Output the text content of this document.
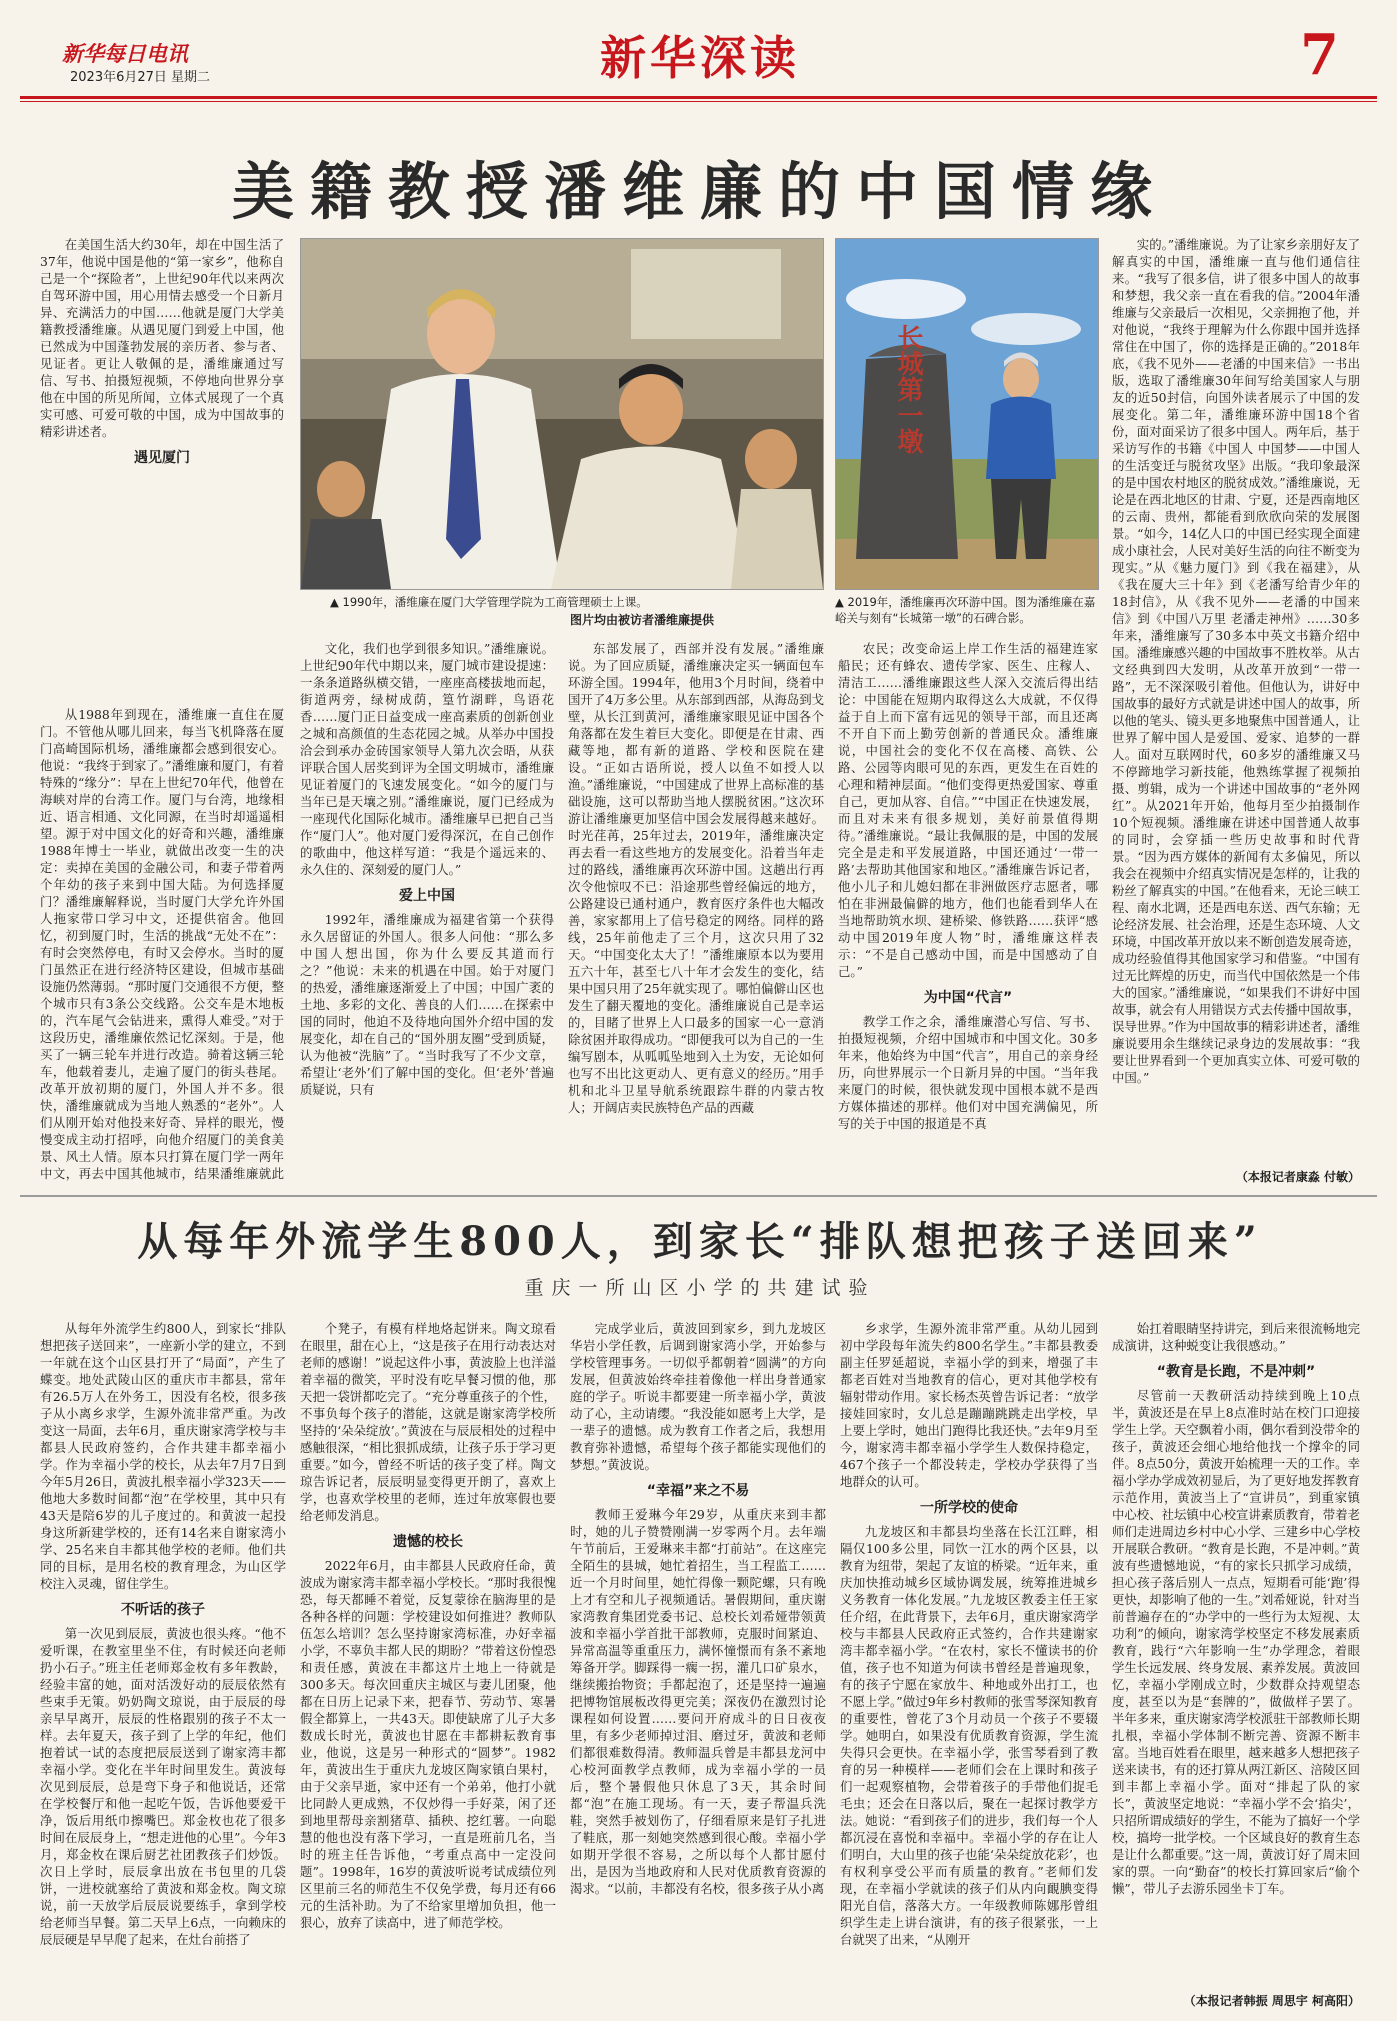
新华每日电讯
2023年6月27日 星期二	新华深读	7
美籍教授潘维廉的中国情缘

在美国生活大约30年，却在中国生活了37年，他说中国是他的“第一家乡”，他称自己是一个“探险者”，上世纪90年代以来两次自驾环游中国，用心用情去感受一个日新月异、充满活力的中国……他就是厦门大学美籍教授潘维廉。从遇见厦门到爱上中国，他已然成为中国蓬勃发展的亲历者、参与者、见证者。更让人敬佩的是，潘维廉通过写信、写书、拍摄短视频，不停地向世界分享他在中国的所见所闻，立体式展现了一个真实可感、可爱可敬的中国，成为中国故事的精彩讲述者。

遇见厦门

从1988年到现在，潘维廉一直住在厦门。不管他从哪儿回来，每当飞机降落在厦门高崎国际机场，潘维廉都会感到很安心。他说：“我终于到家了。”潘维廉和厦门，有着特殊的“缘分”：早在上世纪70年代，他曾在海峡对岸的台湾工作。厦门与台湾，地缘相近、语言相通、文化同源，在当时却遥遥相望。源于对中国文化的好奇和兴趣，潘维廉1988年博士一毕业，就做出改变一生的决定：卖掉在美国的金融公司，和妻子带着两个年幼的孩子来到中国大陆。为何选择厦门？潘维廉解释说，当时厦门大学允许外国人拖家带口学习中文，还提供宿舍。他回忆，初到厦门时，生活的挑战“无处不在”：有时会突然停电，有时又会停水。当时的厦门虽然正在进行经济特区建设，但城市基础设施仍然薄弱。“那时厦门交通很不方便，整个城市只有3条公交线路。公交车是木地板的，汽车尾气会钻进来，熏得人难受。”对于这段历史，潘维廉依然记忆深刻。于是，他买了一辆三轮车并进行改造。骑着这辆三轮车，他载着妻儿，走遍了厦门的街头巷尾。改革开放初期的厦门，外国人并不多。很快，潘维廉就成为当地人熟悉的“老外”。人们从刚开始对他投来好奇、异样的眼光，慢慢变成主动打招呼，向他介绍厦门的美食美景、风土人情。原本只打算在厦门学一两年中文，再去中国其他城市，结果潘维廉就此

▲ 1990年，潘维廉在厦门大学管理学院为工商管理硕士上课。
图片均由被访者潘维廉提供
长城第一墩
▲ 2019年，潘维廉再次环游中国。图为潘维廉在嘉峪关与刻有“长城第一墩”的石碑合影。

文化，我们也学到很多知识。”潘维廉说。上世纪90年代中期以来，厦门城市建设提速：一条条道路纵横交错，一座座高楼拔地而起，街道两旁，绿树成荫，篁竹湖畔，鸟语花香……厦门正日益变成一座高素质的创新创业之城和高颜值的生态花园之城。从举办中国投洽会到承办金砖国家领导人第九次会晤，从获评联合国人居奖到评为全国文明城市，潘维廉见证着厦门的飞速发展变化。“如今的厦门与当年已是天壤之别。”潘维廉说，厦门已经成为一座现代化国际化城市。潘维廉早已把自己当作“厦门人”。他对厦门爱得深沉，在自己创作的歌曲中，他这样写道：“我是个遥远来的、永久住的、深刻爱的厦门人。”

爱上中国

1992年，潘维廉成为福建省第一个获得永久居留证的外国人。很多人问他：“那么多中国人想出国，你为什么要反其道而行之？”他说：未来的机遇在中国。始于对厦门的热爱，潘维廉逐渐爱上了中国；中国广袤的土地、多彩的文化、善良的人们……在探索中国的同时，他迫不及待地向国外介绍中国的发展变化，却在自己的“国外朋友圈”受到质疑，认为他被“洗脑”了。“当时我写了不少文章，希望让‘老外’们了解中国的变化。但‘老外’普遍质疑说，只有

东部发展了，西部并没有发展。”潘维廉说。为了回应质疑，潘维廉决定买一辆面包车环游全国。1994年，他用3个月时间，绕着中国开了4万多公里。从东部到西部，从海岛到戈壁，从长江到黄河，潘维廉家眼见证中国各个角落都在发生着巨大变化。即便是在甘肃、西藏等地，都有新的道路、学校和医院在建设。“正如古语所说，授人以鱼不如授人以渔。”潘维廉说，“中国建成了世界上高标准的基础设施，这可以帮助当地人摆脱贫困。”这次环游让潘维廉更加坚信中国会发展得越来越好。时光荏苒，25年过去，2019年，潘维廉决定再去看一看这些地方的发展变化。沿着当年走过的路线，潘维廉再次环游中国。这趟出行再次令他惊叹不已：沿途那些曾经偏远的地方，公路建设已通村通户，教育医疗条件也大幅改善，家家都用上了信号稳定的网络。同样的路线，25年前他走了三个月，这次只用了32天。“中国变化太大了！”潘维廉原本以为要用五六十年，甚至七八十年才会发生的变化，结果中国只用了25年就实现了。哪怕偏僻山区也发生了翻天覆地的变化。潘维廉说自己是幸运的，目睹了世界上人口最多的国家一心一意消除贫困并取得成功。“即便我可以为自己的一生编写剧本，从呱呱坠地到入土为安，无论如何也写不出比这更动人、更有意义的经历。”用手机和北斗卫星导航系统跟踪牛群的内蒙古牧人；开阔店卖民族特色产品的西藏

农民；改变命运上岸工作生活的福建连家船民；还有蜂农、遗传学家、医生、庄稼人、清洁工……潘维廉跟这些人深入交流后得出结论：中国能在短期内取得这么大成就，不仅得益于自上而下富有远见的领导干部，而且还离不开自下而上勤劳创新的普通民众。潘维廉说，中国社会的变化不仅在高楼、高铁、公路、公园等肉眼可见的东西，更发生在百姓的心理和精神层面。“他们变得更热爱国家、尊重自己，更加从容、自信。”“中国正在快速发展，而且对未来有很多规划，美好前景值得期待。”潘维廉说。“最让我佩服的是，中国的发展完全是走和平发展道路，中国还通过‘一带一路’去帮助其他国家和地区。”潘维廉告诉记者，他小儿子和儿媳妇都在非洲做医疗志愿者，哪怕在非洲最偏僻的地方，他们也能看到华人在当地帮助筑水坝、建桥梁、修铁路……获评“感动中国2019年度人物”时，潘维廉这样表示：“不是自己感动中国，而是中国感动了自己。”

为中国“代言”

教学工作之余，潘维廉潜心写信、写书、拍摄短视频，介绍中国城市和中国文化。30多年来，他始终为中国“代言”，用自己的亲身经历，向世界展示一个日新月异的中国。“当年我来厦门的时候，很快就发现中国根本就不是西方媒体描述的那样。他们对中国充满偏见，所写的关于中国的报道是不真

实的。”潘维廉说。为了让家乡亲朋好友了解真实的中国，潘维廉一直与他们通信往来。“我写了很多信，讲了很多中国人的故事和梦想，我父亲一直在看我的信。”2004年潘维廉与父亲最后一次相见，父亲拥抱了他，并对他说，“我终于理解为什么你跟中国并选择常住在中国了，你的选择是正确的。”2018年底，《我不见外——老潘的中国来信》一书出版，选取了潘维廉30年间写给美国家人与朋友的近50封信，向国外读者展示了中国的发展变化。第二年，潘维廉环游中国18个省份，面对面采访了很多中国人。两年后，基于采访写作的书籍《中国人 中国梦——中国人的生活变迁与脱贫攻坚》出版。“我印象最深的是中国农村地区的脱贫成效。”潘维廉说，无论是在西北地区的甘肃、宁夏，还是西南地区的云南、贵州，都能看到欣欣向荣的发展图景。“如今，14亿人口的中国已经实现全面建成小康社会，人民对美好生活的向往不断变为现实。”从《魅力厦门》到《我在福建》，从《我在厦大三十年》到《老潘写给青少年的18封信》，从《我不见外——老潘的中国来信》到《中国八万里 老潘走神州》……30多年来，潘维廉写了30多本中英文书籍介绍中国。潘维廉感兴趣的中国故事不胜枚举。从古文经典到四大发明，从改革开放到“一带一路”，无不深深吸引着他。但他认为，讲好中国故事的最好方式就是讲述中国人的故事，所以他的笔头、镜头更多地聚焦中国普通人，让世界了解中国人是爱国、爱家、追梦的一群人。面对互联网时代，60多岁的潘维廉又马不停蹄地学习新技能，他熟练掌握了视频拍摄、剪辑，成为一个讲述中国故事的“老外网红”。从2021年开始，他每月至少拍摄制作10个短视频。潘维廉在讲述中国普通人故事的同时，会穿插一些历史故事和时代背景。“因为西方媒体的新闻有太多偏见，所以我会在视频中介绍真实情况是怎样的，让我的粉丝了解真实的中国。”在他看来，无论三峡工程、南水北调，还是西电东送、西气东输；无论经济发展、社会治理，还是生态环境、人文环境，中国改革开放以来不断创造发展奇迹，成功经验值得其他国家学习和借鉴。“中国有过无比辉煌的历史，而当代中国依然是一个伟大的国家。”潘维廉说，“如果我们不讲好中国故事，就会有人用错误方式去传播中国故事，误导世界。”作为中国故事的精彩讲述者，潘维廉说要用余生继续记录身边的发展故事：“我要让世界看到一个更加真实立体、可爱可敬的中国。”

（本报记者康淼 付敏）
从每年外流学生800人，到家长“排队想把孩子送回来”
重庆一所山区小学的共建试验

从每年外流学生约800人，到家长“排队想把孩子送回来”，一座新小学的建立，不到一年就在这个山区县打开了“局面”，产生了蝶变。地处武陵山区的重庆市丰都县，常年有26.5万人在外务工，因没有名校，很多孩子从小离乡求学，生源外流非常严重。为改变这一局面，去年6月，重庆谢家湾学校与丰都县人民政府签约，合作共建丰都幸福小学。作为幸福小学的校长，从去年7月7日到今年5月26日，黄波扎根幸福小学323天——他地大多数时间都“泡”在学校里，其中只有43天是陪6岁的儿子度过的。和黄波一起投身这所新建学校的，还有14名来自谢家湾小学、25名来自丰都其他学校的老师。他们共同的目标，是用名校的教育理念，为山区学校注入灵魂，留住学生。

不听话的孩子

第一次见到辰辰，黄波也很头疼。“他不爱听课，在教室里坐不住，有时候还向老师扔小石子。”班主任老师郑金枚有多年教龄，经验丰富的她，面对活泼好动的辰辰依然有些束手无策。奶奶陶文琼说，由于辰辰的母亲早早离开，辰辰的性格跟别的孩子不太一样。去年夏天，孩子到了上学的年纪，他们抱着试一试的态度把辰辰送到了谢家湾丰都幸福小学。变化在半年时间里发生。黄波每次见到辰辰，总是弯下身子和他说话，还常在学校餐厅和他一起吃午饭，告诉他要爱干净，饭后用纸巾擦嘴巴。郑金枚也花了很多时间在辰辰身上，“想走进他的心里”。今年3月，郑金枚在课后厨艺社团教孩子们炒饭。次日上学时，辰辰拿出放在书包里的几袋饼，一进校就塞给了黄波和郑金枚。陶文琼说，前一天放学后辰辰说要练手，拿到学校给老师当早餐。第二天早上6点，一向赖床的辰辰硬是早早爬了起来，在灶台前搭了

个凳子，有模有样地烙起饼来。陶文琼看在眼里，甜在心上，“这是孩子在用行动表达对老师的感谢！”说起这件小事，黄波脸上也洋溢着幸福的微笑，平时没有吃早餐习惯的他，那天把一袋饼都吃完了。“充分尊重孩子的个性，不事负每个孩子的潜能，这就是谢家湾学校所坚持的‘朵朵绽放’。”黄波在与辰辰相处的过程中感触很深，“相比狠抓成绩，让孩子乐于学习更重要。”如今，曾经不听话的孩子变了样。陶文琼告诉记者，辰辰明显变得更开朗了，喜欢上学，也喜欢学校里的老师，连过年放寒假也要给老师发消息。

遗憾的校长

2022年6月，由丰都县人民政府任命，黄波成为谢家湾丰都幸福小学校长。“那时我很愧恐，每天都睡不着觉，反复蒙徐在脑海里的是各种各样的问题：学校建设如何推进？教师队伍怎么培训？怎么坚持谢家湾标准，办好幸福小学，不辜负丰都人民的期盼？”带着这份惶恐和责任感，黄波在丰都这片土地上一待就是300多天。每次回重庆主城区与妻儿团聚，他都在日历上记录下来，把春节、劳动节、寒暑假全都算上，一共43天。即使缺席了儿子大多数成长时光，黄波也甘愿在丰都耕耘教育事业，他说，这是另一种形式的“圆梦”。1982年，黄波出生于重庆九龙坡区陶家镇白果村，由于父亲早逝，家中还有一个弟弟，他打小就比同龄人更成熟，不仅炒得一手好菜，闲了还到地里帮母亲割猪草、插秧、挖红薯。一向聪慧的他也没有落下学习，一直是班前几名，当时的班主任告诉他，“考重点高中一定没问题”。1998年，16岁的黄波听说考试成绩位列区里前三名的师范生不仅免学费，每月还有66元的生活补助。为了不给家里增加负担，他一狠心，放弃了读高中，进了师范学校。

完成学业后，黄波回到家乡，到九龙坡区华岩小学任教，后调到谢家湾小学，开始参与学校管理事务。一切似乎都朝着“圆满”的方向发展，但黄波始终牵挂着像他一样出身普通家庭的学子。听说丰都要建一所幸福小学，黄波动了心，主动请缨。“我没能如愿考上大学，是一辈子的遗憾。成为教育工作者之后，我想用教育弥补遗憾，希望每个孩子都能实现他们的梦想。”黄波说。

“幸福”来之不易

教师王爱琳今年29岁，从重庆来到丰都时，她的儿子赞赞刚满一岁零两个月。去年端午节前后，王爱琳来丰都“打前站”。在这座完全陌生的县城，她忙着招生，当工程监工……近一个月时间里，她忙得像一颗陀螺，只有晚上才有空和儿子视频通话。暑假期间，重庆谢家湾教育集团党委书记、总校长刘希娅带领黄波和幸福小学首批干部教师，克服时间紧迫、异常高温等重重压力，满怀憧憬而有条不紊地筹备开学。脚踩得一瘸一拐，灌几口矿泉水，继续搬抬物资；手都起泡了，还是坚持一遍遍把博物馆展板改得更完美；深夜仍在激烈讨论课程如何设置……要问开府成斗的日日夜夜里，有多少老师掉过泪、磨过牙，黄波和老师们都很难数得清。教师温兵曾是丰都县龙河中心校河面教学点教师，成为幸福小学的一员后，整个暑假他只休息了3天，其余时间都“泡”在施工现场。有一天，妻子帮温兵洗鞋，突然手被划伤了，仔细看原来是钉子扎进了鞋底，那一刻她突然感到很心酸。幸福小学如期开学很不容易，之所以每个人都甘愿付出，是因为当地政府和人民对优质教育资源的渴求。“以前，丰都没有名校，很多孩子从小离

乡求学，生源外流非常严重。从幼儿园到初中学段每年流失约800名学生。”丰都县教委副主任罗延超说，幸福小学的到来，增强了丰都老百姓对当地教育的信心，更对其他学校有辐射带动作用。家长杨杰英曾告诉记者：“放学接娃回家时，女儿总是蹦蹦跳跳走出学校，早上要上学时，她出门跑得比我还快。”去年9月至今，谢家湾丰都幸福小学学生人数保持稳定，467个孩子一个都没转走，学校办学获得了当地群众的认可。

一所学校的使命

九龙坡区和丰都县均坐落在长江江畔，相隔仅100多公里，同饮一江水的两个区县，以教育为纽带，架起了友谊的桥梁。“近年来，重庆加快推动城乡区域协调发展，统筹推进城乡义务教育一体化发展。”九龙坡区教委主任王家任介绍，在此背景下，去年6月，重庆谢家湾学校与丰都县人民政府正式签约，合作共建谢家湾丰都幸福小学。“在农村，家长不懂读书的价值，孩子也不知道为何读书曾经是普遍现象，有的孩子宁愿在家放牛、种地或外出打工，也不愿上学。”做过9年乡村教师的张雪琴深知教育的重要性，曾花了3个月动员一个孩子不要辍学。她明白，如果没有优质教育资源，学生流失得只会更快。在幸福小学，张雪琴看到了教育的另一种模样——老师们会在上课时和孩子们一起观察植物，会带着孩子的手带他们捉毛毛虫；还会在日落以后，聚在一起探讨教学方法。她说：“看到孩子们的进步，我们每一个人都沉浸在喜悦和幸福中。幸福小学的存在让人们明白，大山里的孩子也能‘朵朵绽放花彩’，也有权利享受公平而有质量的教育。”老师们发现，在幸福小学就读的孩子们从内向靦腆变得阳光自信，落落大方。一年级教师陈娜彤曾组织学生走上讲台演讲，有的孩子很紧张，一上台就哭了出来，“从刚开

始扛着眼睛坚持讲完，到后来很流畅地完成演讲，这种蜕变让我很感动。”

“教育是长跑，不是冲刺”

尽管前一天教研活动持续到晚上10点半，黄波还是在早上8点准时站在校门口迎接学生上学。天空飘着小雨，偶尔看到没带伞的孩子，黄波还会细心地给他找一个撑伞的同伴。8点50分，黄波开始梳理一天的工作。幸福小学办学成效初显后，为了更好地发挥教育示范作用，黄波当上了“宣讲员”，到重家镇中心校、社坛镇中心校宣讲素质教育，带着老师们走进周边乡村中心小学、三建乡中心学校开展联合教研。“教育是长跑，不是冲刺。”黄波有些遗憾地说，“有的家长只抓学习成绩，担心孩子落后别人一点点，短期看可能‘跑’得更快，却影响了他的一生。”刘希娅说，针对当前普遍存在的“办学中的一些行为太短视、太功利”的倾向，谢家湾学校坚定不移发展素质教育，践行“六年影响一生”办学理念，着眼学生长远发展、终身发展、素养发展。黄波回忆，幸福小学刚成立时，少数群众持观望态度，甚至以为是“套牌的”，做做样子罢了。半年多来，重庆谢家湾学校派驻干部教师长期扎根，幸福小学体制不断完善、资源不断丰富。当地百姓看在眼里，越来越多人想把孩子送来读书，有的还打算从两江新区、涪陵区回到丰都上幸福小学。面对“排起了队的家长”，黄波坚定地说：“幸福小学不会‘掐尖’，只招所谓成绩好的学生，不能为了搞好一个学校，搞垮一批学校。一个区域良好的教育生态是让什么都重要。”这一周，黄波订好了周末回家的票。一向“勤奋”的校长打算回家后“偷个懒”，带儿子去游乐园坐卡丁车。

（本报记者韩振 周思宇 柯高阳）
